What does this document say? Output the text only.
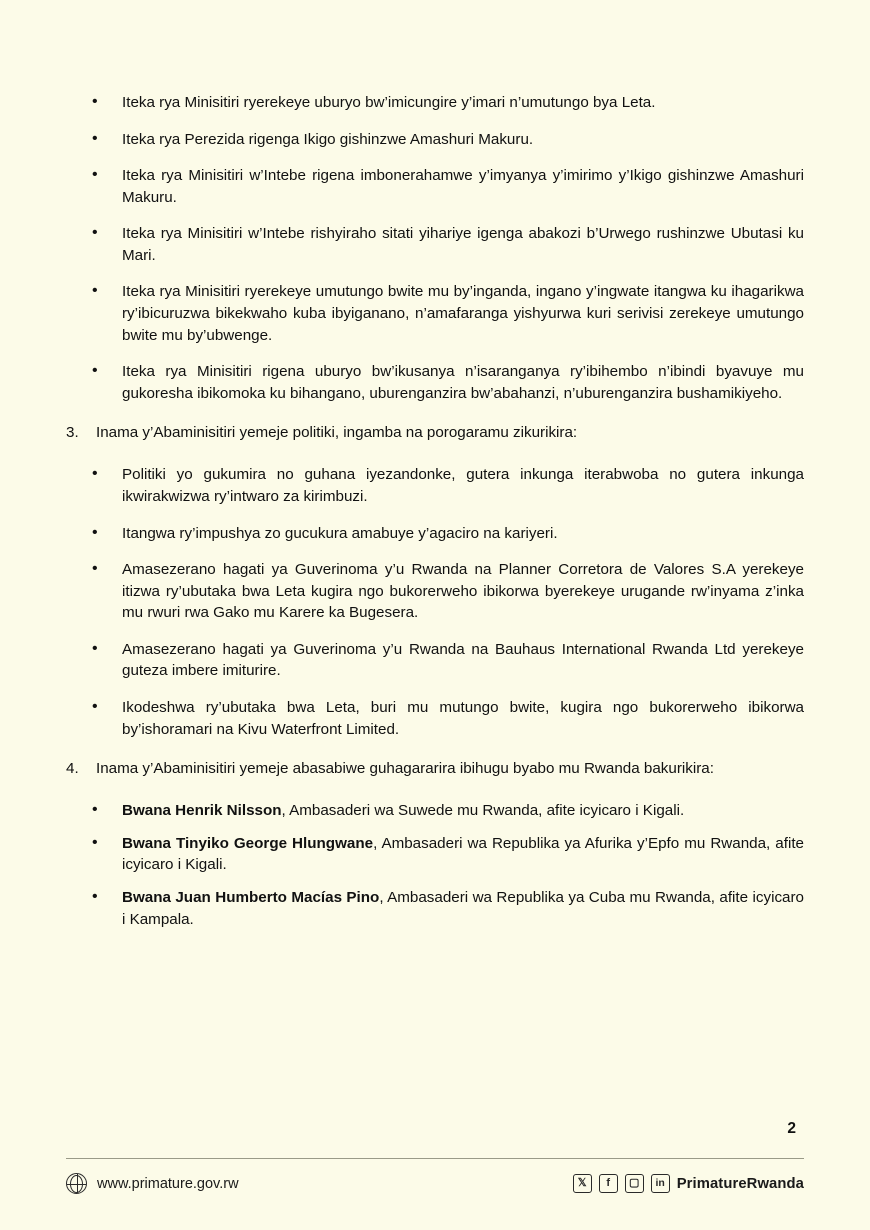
• Iteka rya Minisitiri ryerekeye uburyo bw’imicungire y’imari n’umutungo bya Leta.
• Iteka rya Perezida rigenga Ikigo gishinzwe Amashuri Makuru.
• Iteka rya Minisitiri w’Intebe rigena imbonerahamwe y’imyanya y’imirimo y’Ikigo gishinzwe Amashuri Makuru.
• Iteka rya Minisitiri w’Intebe rishyiraho sitati yihariye igenga abakozi b’Urwego rushinzwe Ubutasi ku Mari.
• Iteka rya Minisitiri ryerekeye umutungo bwite mu by’inganda, ingano y’ingwate itangwa ku ihagarikwa ry’ibicuruzwa bikekwaho kuba ibyiganano, n’amafaranga yishyurwa kuri serivisi zerekeye umutungo bwite mu by’ubwenge.
• Iteka rya Minisitiri rigena uburyo bw’ikusanya n’isaranganya ry’ibihembo n’ibindi byavuye mu gukoresha ibikomoka ku bihangano, uburenganzira bw’abahanzi, n’uburenganzira bushamikiyeho.
3. Inama y’Abaminisitiri yemeje politiki, ingamba na porogaramu zikurikira:
• Politiki yo gukumira no guhana iyezandonke, gutera inkunga iterabwoba no gutera inkunga ikwirakwizwa ry’intwaro za kirimbuzi.
• Itangwa ry’impushya zo gucukura amabuye y’agaciro na kariyeri.
• Amasezerano hagati ya Guverinoma y’u Rwanda na Planner Corretora de Valores S.A yerekeye itizwa ry’ubutaka bwa Leta kugira ngo bukorerweho ibikorwa byerekeye urugande rw’inyama z’inka mu rwuri rwa Gako mu Karere ka Bugesera.
• Amasezerano hagati ya Guverinoma y’u Rwanda na Bauhaus International Rwanda Ltd yerekeye guteza imbere imiturire.
• Ikodeshwa ry’ubutaka bwa Leta, buri mu mutungo bwite, kugira ngo bukorerweho ibikorwa by’ishoramari na Kivu Waterfront Limited.
4. Inama y’Abaminisitiri yemeje abasabiwe guhagararira ibihugu byabo mu Rwanda bakurikira:
• Bwana Henrik Nilsson, Ambasaderi wa Suwede mu Rwanda, afite icyicaro i Kigali.
• Bwana Tinyiko George Hlungwane, Ambasaderi wa Republika ya Afurika y’Epfo mu Rwanda, afite icyicaro i Kigali.
• Bwana Juan Humberto Macías Pino, Ambasaderi wa Republika ya Cuba mu Rwanda, afite icyicaro i Kampala.
2
www.primature.gov.rw	𝕏	f	▢	in PrimatureRwanda
